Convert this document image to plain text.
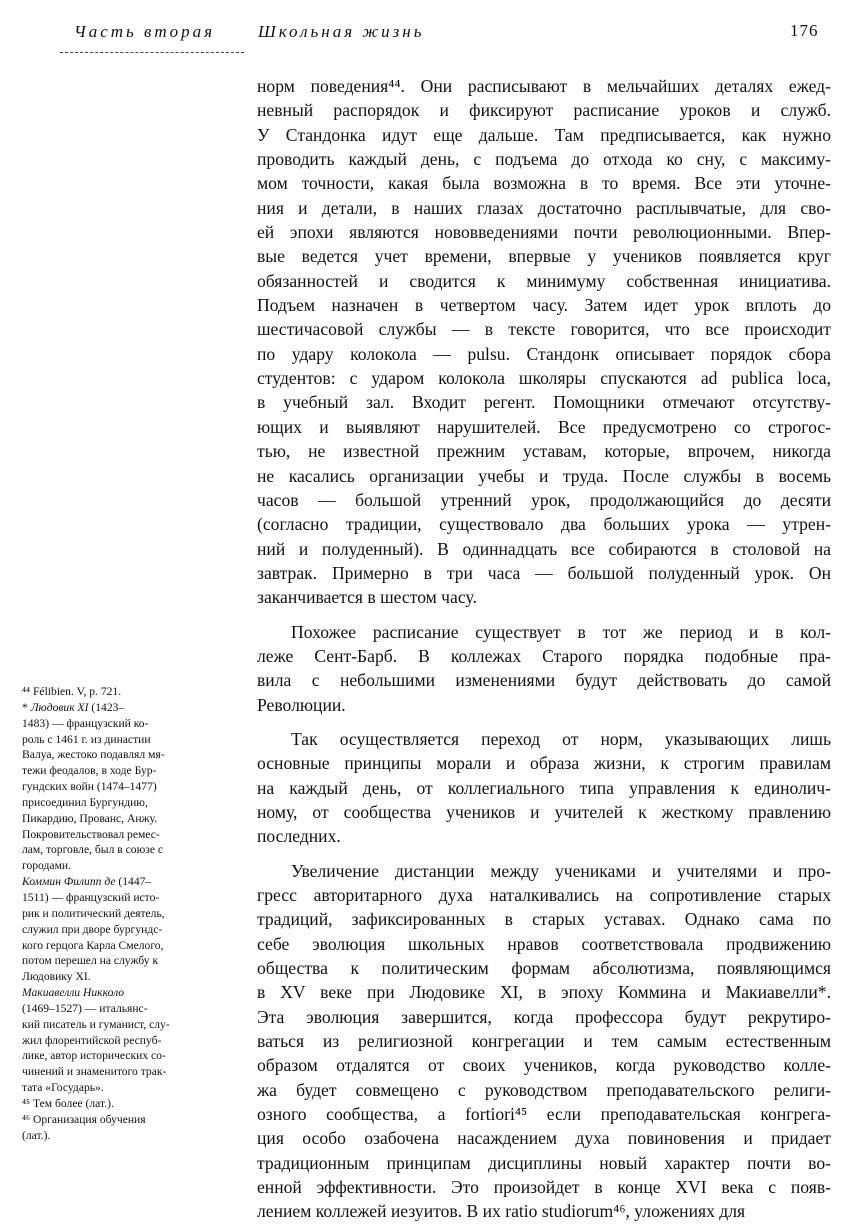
Часть вторая	Школьная жизнь	176
норм поведения⁴⁴. Они расписывают в мельчайших деталях ежед-
невный распорядок и фиксируют расписание уроков и служб.
У Стандонка идут еще дальше. Там предписывается, как нужно
проводить каждый день, с подъема до отхода ко сну, с максиму-
мом точности, какая была возможна в то время. Все эти уточне-
ния и детали, в наших глазах достаточно расплывчатые, для сво-
ей эпохи являются нововведениями почти революционными. Впер-
вые ведется учет времени, впервые у учеников появляется круг
обязанностей и сводится к минимуму собственная инициатива.
Подъем назначен в четвертом часу. Затем идет урок вплоть до
шестичасовой службы — в тексте говорится, что все происходит
по удару колокола — pulsu. Стандонк описывает порядок сбора
студентов: с ударом колокола школяры спускаются ad publica loca,
в учебный зал. Входит регент. Помощники отмечают отсутству-
ющих и выявляют нарушителей. Все предусмотрено со строгос-
тью, не известной прежним уставам, которые, впрочем, никогда
не касались организации учебы и труда. После службы в восемь
часов — большой утренний урок, продолжающийся до десяти
(согласно традиции, существовало два больших урока — утрен-
ний и полуденный). В одиннадцать все собираются в столовой на
завтрак. Примерно в три часа — большой полуденный урок. Он
заканчивается в шестом часу.
Похожее расписание существует в тот же период и в кол-
леже Сент-Барб. В коллежах Старого порядка подобные пра-
вила с небольшими изменениями будут действовать до самой
Революции.
Так осуществляется переход от норм, указывающих лишь
основные принципы морали и образа жизни, к строгим правилам
на каждый день, от коллегиального типа управления к единолич-
ному, от сообщества учеников и учителей к жесткому правлению
последних.
Увеличение дистанции между учениками и учителями и про-
гресс авторитарного духа наталкивались на сопротивление старых
традиций, зафиксированных в старых уставах. Однако сама по
себе эволюция школьных нравов соответствовала продвижению
общества к политическим формам абсолютизма, появляющимся
в XV веке при Людовике XI, в эпоху Коммина и Макиавелли*.
Эта эволюция завершится, когда профессора будут рекрутиро-
ваться из религиозной конгрегации и тем самым естественным
образом отдалятся от своих учеников, когда руководство колле-
жа будет совмещено с руководством преподавательского религи-
озного сообщества, а fortiori⁴⁵ если преподавательская конгрега-
ция особо озабочена насаждением духа повиновения и придает
традиционным принципам дисциплины новый характер почти во-
енной эффективности. Это произойдет в конце XVI века с появ-
лением коллежей иезуитов. В их ratio studiorum⁴⁶, уложениях для
⁴⁴ Félibien. V, p. 721.
* Людовик XI (1423–
1483) — французский ко-
роль с 1461 г. из династии
Валуа, жестоко подавлял мя-
тежи феодалов, в ходе Бур-
гундских войн (1474–1477)
присоединил Бургундию,
Пикардию, Прованс, Анжу.
Покровительствовал ремес-
лам, торговле, был в союзе с
городами.
Коммин Филипп де (1447–
1511) — французский исто-
рик и политический деятель,
служил при дворе бургундс-
кого герцога Карла Смелого,
потом перешел на службу к
Людовику XI.
Макиавелли Никколо
(1469–1527) — итальянс-
кий писатель и гуманист, слу-
жил флорентийской респуб-
лике, автор исторических со-
чинений и знаменитого трак-
тата «Государь».
⁴⁵ Тем более (лат.).
⁴⁶ Организация обучения
(лат.).
